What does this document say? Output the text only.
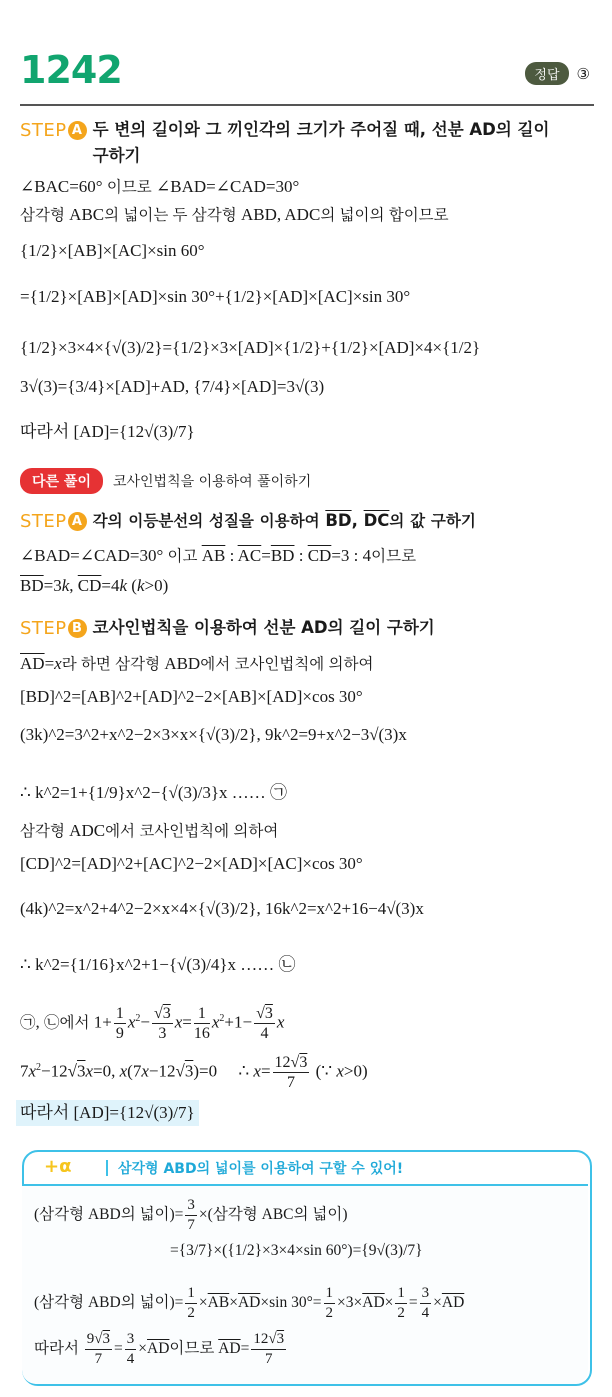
1242	정답	③
STEP A 두 변의 길이와 그 끼인각의 크기가 주어질 때, 선분 AD의 길이
구하기
∠BAC=60° 이므로 ∠BAD=∠CAD=30°
삼각형 ABC의 넓이는 두 삼각형 ABD, ADC의 넓이의 합이므로
{1/2}×[AB]×[AC]×sin 60°
={1/2}×[AB]×[AD]×sin 30°+{1/2}×[AD]×[AC]×sin 30°
{1/2}×3×4×{√(3)/2}={1/2}×3×[AD]×{1/2}+{1/2}×[AD]×4×{1/2}
3√(3)={3/4}×[AD]+AD, {7/4}×[AD]=3√(3)
따라서 [AD]={12√(3)/7}
다른 풀이	코사인법칙을 이용하여 풀이하기
STEP A 각의 이등분선의 성질을 이용하여 $\overline{BD}$, $\overline{DC}$의 값 구하기
∠BAD=∠CAD=30° 이고 $\overline{AB}$ : $\overline{AC}=\overline{BD}$ : $\overline{CD}=3$ : 4이므로
$\overline{BD}=3k$, $\overline{CD}=4k$ (k>0)
STEP B 코사인법칙을 이용하여 선분 AD의 길이 구하기
$\overline{AD}=x$라 하면 삼각형 ABD에서 코사인법칙에 의하여
[BD]^2=[AB]^2+[AD]^2−2×[AB]×[AD]×cos 30°
(3k)^2=3^2+x^2−2×3×x×{√(3)/2}, 9k^2=9+x^2−3√(3)x
∴ k^2=1+{1/9}x^2−{√(3)/3}x …… ㉠
삼각형 ADC에서 코사인법칙에 의하여
[CD]^2=[AD]^2+[AC]^2−2×[AD]×[AC]×cos 30°
(4k)^2=x^2+4^2−2×x×4×{√(3)/2}, 16k^2=x^2+16−4√(3)x
∴ k^2={1/16}x^2+1−{√(3)/4}x …… ㉡
㉠, ㉡에서 $1+ \frac{1}{9} x^2- \frac{√3}{3} x= \frac{1}{16} x^2+1- \frac{√3}{4}$ x
$7x^2-12√3x=0$, x(7x−12√3)=0     ∴ $x= \frac{12√3}{7}$ (∵ x>0)
따라서 [AD]={12√(3)/7}
+α	삼각형 ABD의 넓이를 이용하여 구할 수 있어!
(삼각형 ABD의 넓이)= $\frac{3}{7}$ ×(삼각형 ABC의 넓이)
={3/7}×({1/2}×3×4×sin 60°)={9√(3)/7}
(삼각형 ABD의 넓이)= $\frac{1}{2} \times\overline{AB}\times\overline{AD}\times\sin$ $30^\circ= \frac{1}{2} \times 3\times\overline{AD}\times \frac{1}{2} = \frac{3}{4} \times\overline{AD}$
따라서 $\frac{9√3}{7} = \frac{3}{4} \times\overline{AD}$이므로 $\overline{AD}= \frac{12√3}{7}$
